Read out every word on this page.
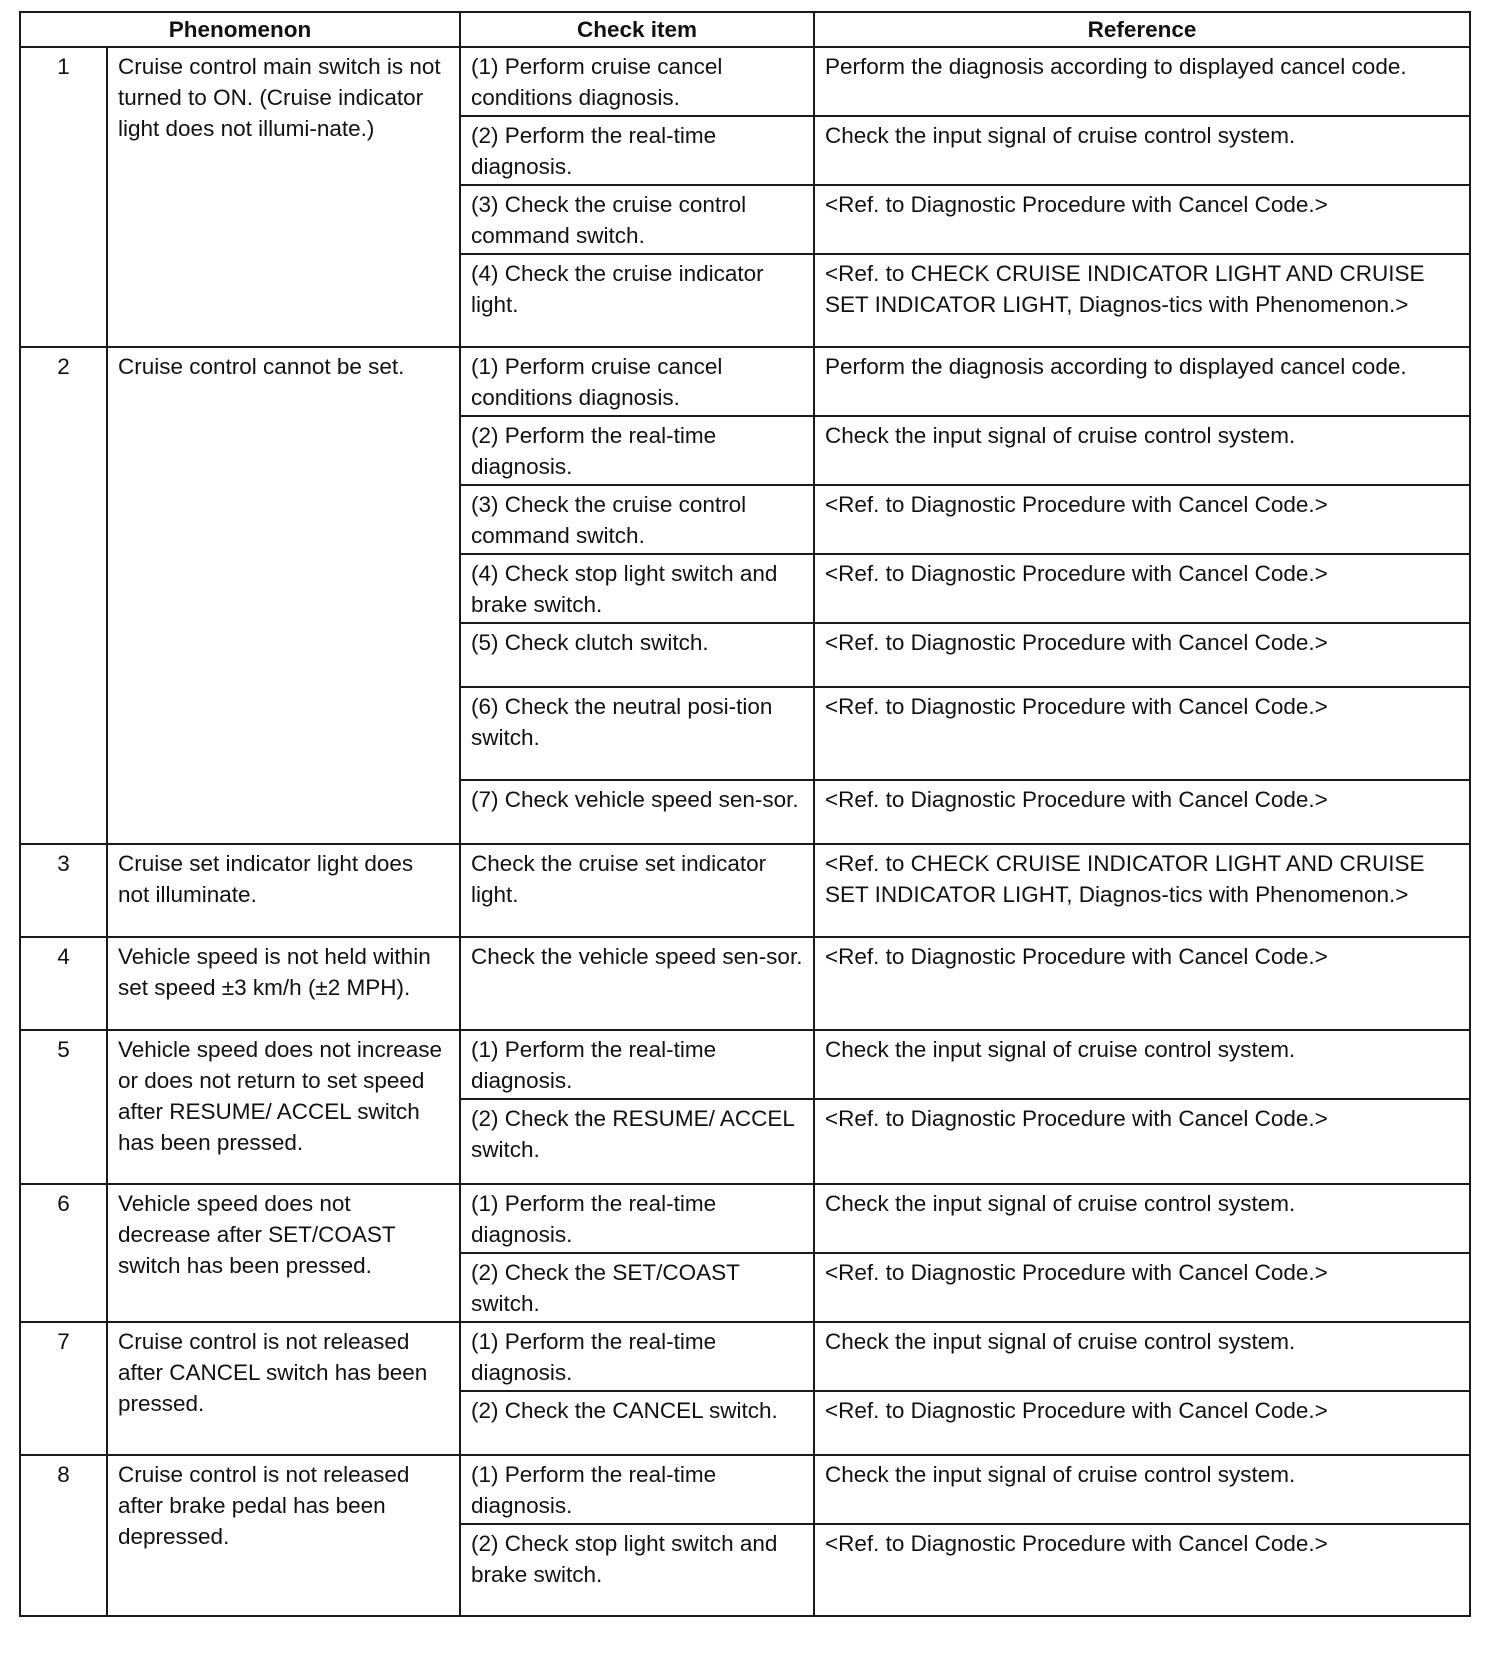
Phenomenon		Check item	Reference
1	Cruise control main switch is not turned to ON. (Cruise indicator light does not illumi-nate.)	(1) Perform cruise cancel conditions diagnosis.	Perform the diagnosis according to displayed cancel code.
		(2) Perform the real-time diagnosis.	Check the input signal of cruise control system.
		(3) Check the cruise control command switch.	<Ref. to Diagnostic Procedure with Cancel Code.>
		(4) Check the cruise indicator light.	<Ref. to CHECK CRUISE INDICATOR LIGHT AND CRUISE SET INDICATOR LIGHT, Diagnos-tics with Phenomenon.>
2	Cruise control cannot be set.	(1) Perform cruise cancel conditions diagnosis.	Perform the diagnosis according to displayed cancel code.
		(2) Perform the real-time diagnosis.	Check the input signal of cruise control system.
		(3) Check the cruise control command switch.	<Ref. to Diagnostic Procedure with Cancel Code.>
		(4) Check stop light switch and brake switch.	<Ref. to Diagnostic Procedure with Cancel Code.>
		(5) Check clutch switch.	<Ref. to Diagnostic Procedure with Cancel Code.>
		(6) Check the neutral posi-tion switch.	<Ref. to Diagnostic Procedure with Cancel Code.>
		(7) Check vehicle speed sen-sor.	<Ref. to Diagnostic Procedure with Cancel Code.>
3	Cruise set indicator light does not illuminate.	Check the cruise set indicator light.	<Ref. to CHECK CRUISE INDICATOR LIGHT AND CRUISE SET INDICATOR LIGHT, Diagnos-tics with Phenomenon.>
4	Vehicle speed is not held within set speed ±3 km/h (±2 MPH).	Check the vehicle speed sen-sor.	<Ref. to Diagnostic Procedure with Cancel Code.>
5	Vehicle speed does not increase or does not return to set speed after RESUME/ ACCEL switch has been pressed.	(1) Perform the real-time diagnosis.	Check the input signal of cruise control system.
		(2) Check the RESUME/ ACCEL switch.	<Ref. to Diagnostic Procedure with Cancel Code.>
6	Vehicle speed does not decrease after SET/COAST switch has been pressed.	(1) Perform the real-time diagnosis.	Check the input signal of cruise control system.
		(2) Check the SET/COAST switch.	<Ref. to Diagnostic Procedure with Cancel Code.>
7	Cruise control is not released after CANCEL switch has been pressed.	(1) Perform the real-time diagnosis.	Check the input signal of cruise control system.
		(2) Check the CANCEL switch.	<Ref. to Diagnostic Procedure with Cancel Code.>
8	Cruise control is not released after brake pedal has been depressed.	(1) Perform the real-time diagnosis.	Check the input signal of cruise control system.
		(2) Check stop light switch and brake switch.	<Ref. to Diagnostic Procedure with Cancel Code.>
